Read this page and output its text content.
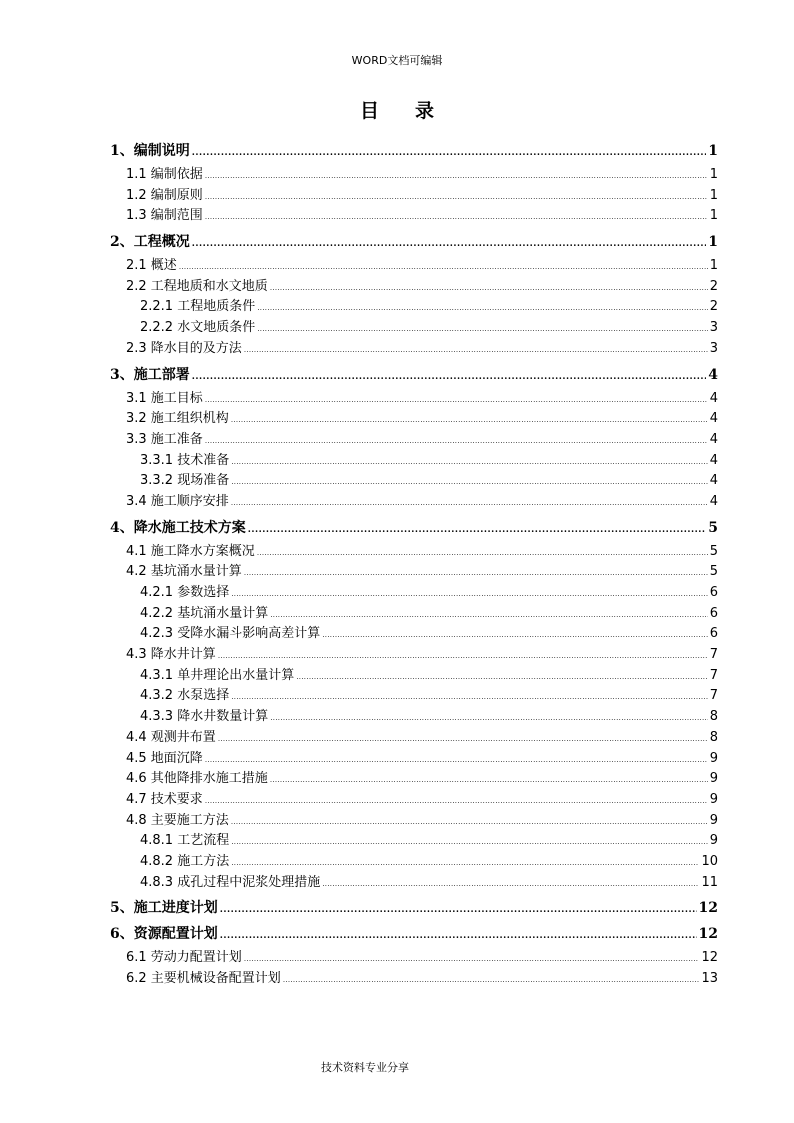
WORD文档可编辑
目 录
1、编制说明 .....	1
1.1 编制依据 .....	1
1.2 编制原则 .....	1
1.3 编制范围 .....	1
2、工程概况 .....	1
2.1 概述 .....	1
2.2 工程地质和水文地质 .....	2
2.2.1 工程地质条件 .....	2
2.2.2 水文地质条件 .....	3
2.3 降水目的及方法 .....	3
3、施工部署 .....	4
3.1 施工目标 .....	4
3.2 施工组织机构 .....	4
3.3 施工准备 .....	4
3.3.1 技术准备 .....	4
3.3.2 现场准备 .....	4
3.4 施工顺序安排 .....	4
4、降水施工技术方案 .....	5
4.1 施工降水方案概况 .....	5
4.2 基坑涌水量计算 .....	5
4.2.1 参数选择 .....	6
4.2.2 基坑涌水量计算 .....	6
4.2.3 受降水漏斗影响高差计算 .....	6
4.3 降水井计算 .....	7
4.3.1 单井理论出水量计算 .....	7
4.3.2 水泵选择 .....	7
4.3.3 降水井数量计算 .....	8
4.4 观测井布置 .....	8
4.5 地面沉降 .....	9
4.6 其他降排水施工措施 .....	9
4.7 技术要求 .....	9
4.8 主要施工方法 .....	9
4.8.1 工艺流程 .....	9
4.8.2 施工方法 .....	10
4.8.3 成孔过程中泥浆处理措施 .....	11
5、施工进度计划 .....	12
6、资源配置计划 .....	12
6.1 劳动力配置计划 .....	12
6.2 主要机械设备配置计划 .....	13
技术资料专业分享
